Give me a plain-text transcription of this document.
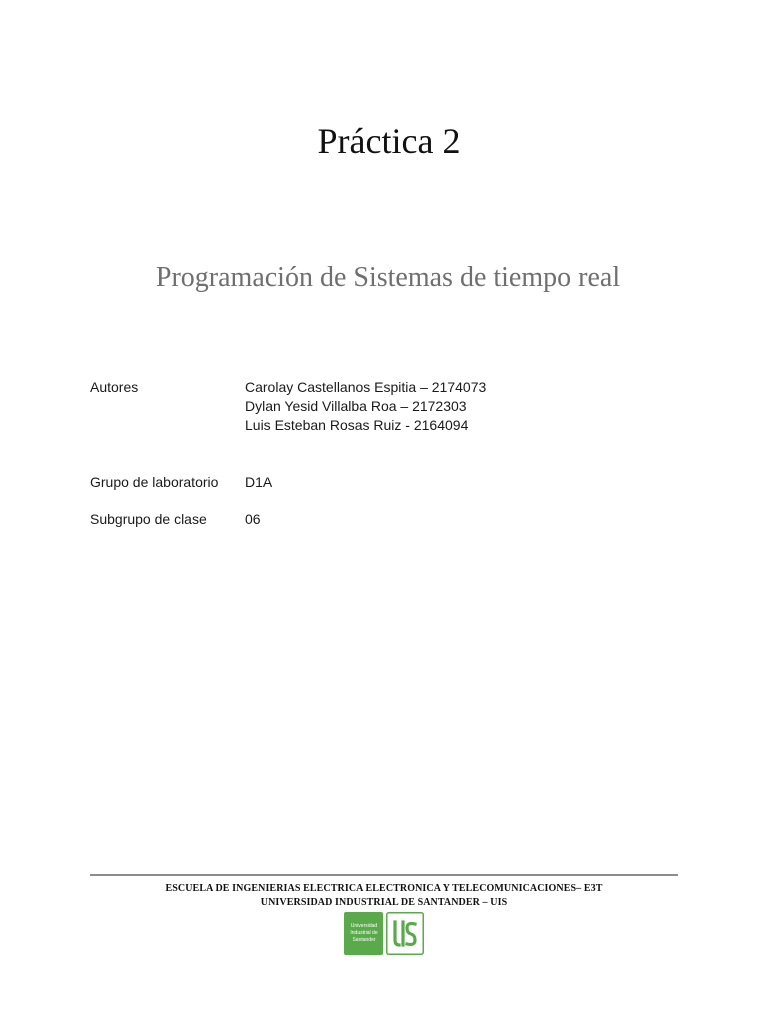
Práctica 2
Programación de Sistemas de tiempo real
Autores	Carolay Castellanos Espitia – 2174073
Dylan Yesid Villalba Roa – 2172303
Luis Esteban Rosas Ruiz - 2164094
Grupo de laboratorio D1A
Subgrupo de clase	06
ESCUELA DE INGENIERIAS ELECTRICA ELECTRONICA Y TELECOMUNICACIONES– E3T
UNIVERSIDAD INDUSTRIAL DE SANTANDER – UIS
Universidad
Industrial de
Santander
